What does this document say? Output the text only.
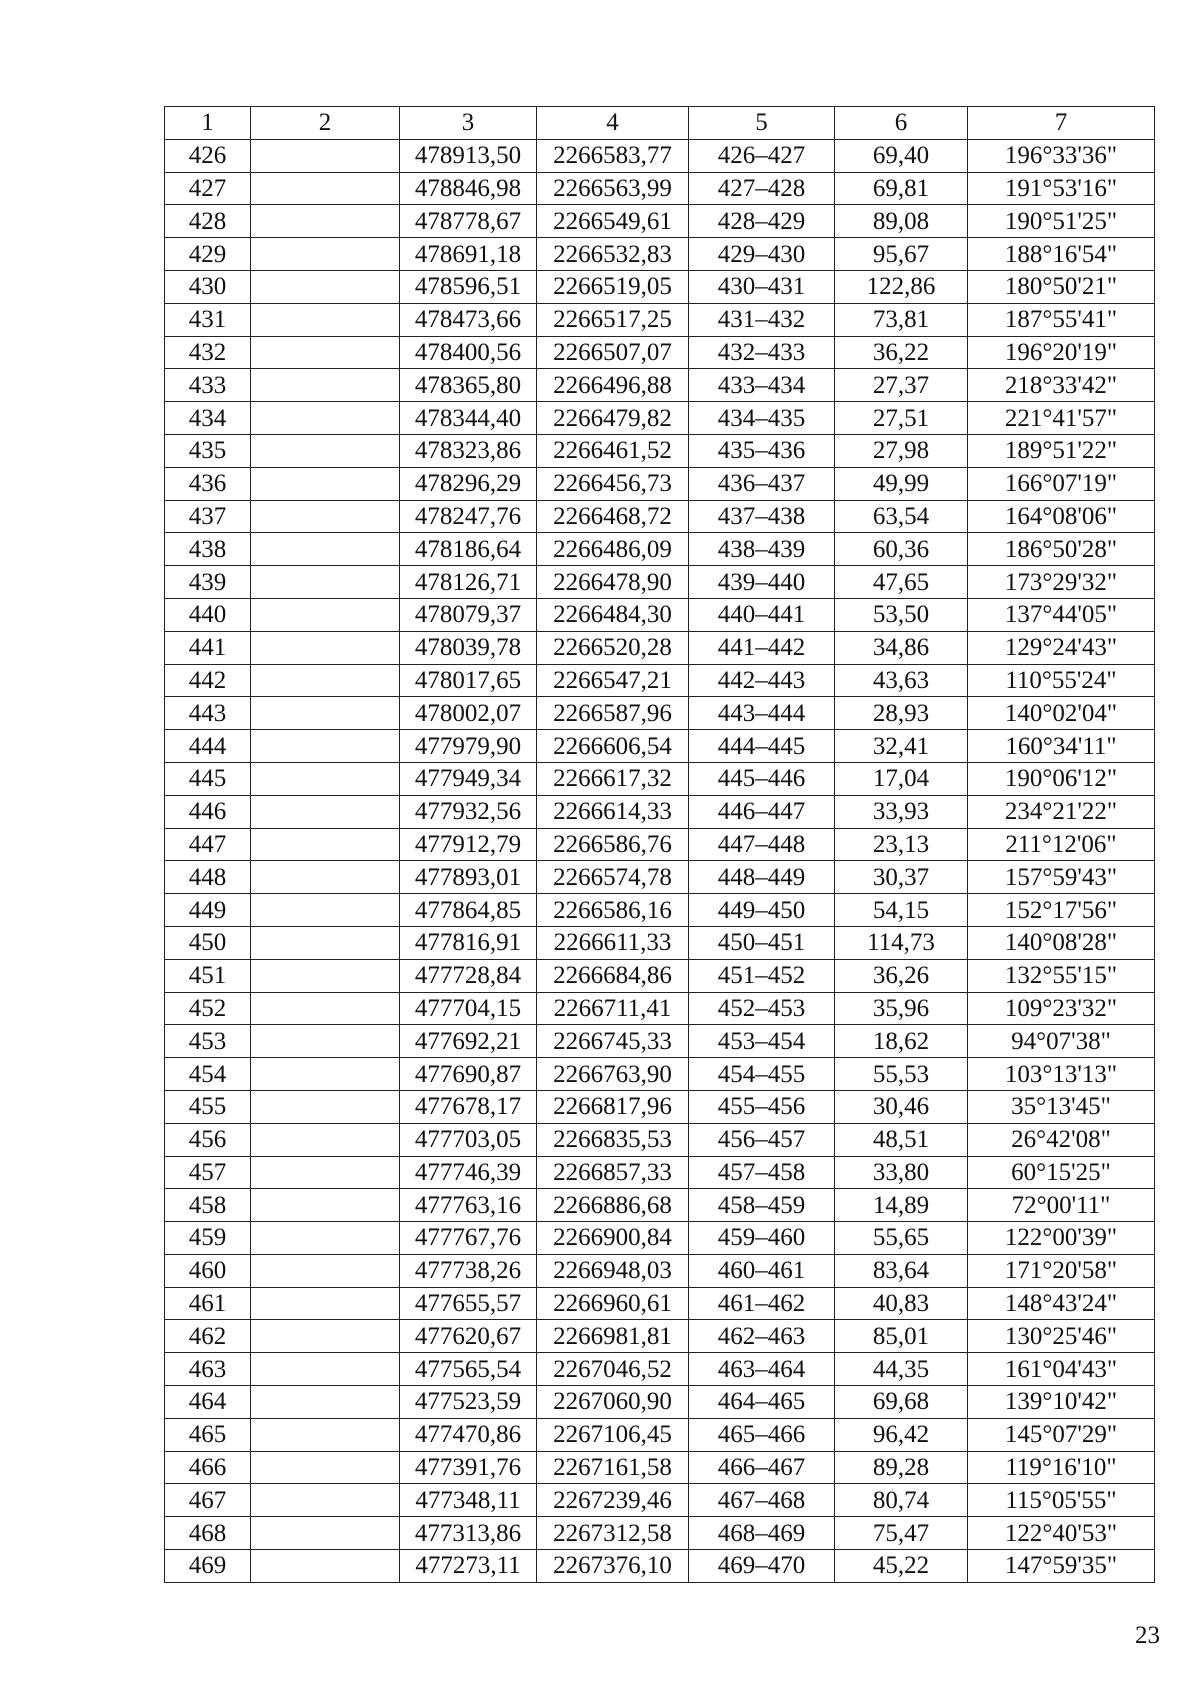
1	2	3	4	5	6	7
426		478913,50	2266583,77	426–427	69,40	196°33'36"
427		478846,98	2266563,99	427–428	69,81	191°53'16"
428		478778,67	2266549,61	428–429	89,08	190°51'25"
429		478691,18	2266532,83	429–430	95,67	188°16'54"
430		478596,51	2266519,05	430–431	122,86	180°50'21"
431		478473,66	2266517,25	431–432	73,81	187°55'41"
432		478400,56	2266507,07	432–433	36,22	196°20'19"
433		478365,80	2266496,88	433–434	27,37	218°33'42"
434		478344,40	2266479,82	434–435	27,51	221°41'57"
435		478323,86	2266461,52	435–436	27,98	189°51'22"
436		478296,29	2266456,73	436–437	49,99	166°07'19"
437		478247,76	2266468,72	437–438	63,54	164°08'06"
438		478186,64	2266486,09	438–439	60,36	186°50'28"
439		478126,71	2266478,90	439–440	47,65	173°29'32"
440		478079,37	2266484,30	440–441	53,50	137°44'05"
441		478039,78	2266520,28	441–442	34,86	129°24'43"
442		478017,65	2266547,21	442–443	43,63	110°55'24"
443		478002,07	2266587,96	443–444	28,93	140°02'04"
444		477979,90	2266606,54	444–445	32,41	160°34'11"
445		477949,34	2266617,32	445–446	17,04	190°06'12"
446		477932,56	2266614,33	446–447	33,93	234°21'22"
447		477912,79	2266586,76	447–448	23,13	211°12'06"
448		477893,01	2266574,78	448–449	30,37	157°59'43"
449		477864,85	2266586,16	449–450	54,15	152°17'56"
450		477816,91	2266611,33	450–451	114,73	140°08'28"
451		477728,84	2266684,86	451–452	36,26	132°55'15"
452		477704,15	2266711,41	452–453	35,96	109°23'32"
453		477692,21	2266745,33	453–454	18,62	94°07'38"
454		477690,87	2266763,90	454–455	55,53	103°13'13"
455		477678,17	2266817,96	455–456	30,46	35°13'45"
456		477703,05	2266835,53	456–457	48,51	26°42'08"
457		477746,39	2266857,33	457–458	33,80	60°15'25"
458		477763,16	2266886,68	458–459	14,89	72°00'11"
459		477767,76	2266900,84	459–460	55,65	122°00'39"
460		477738,26	2266948,03	460–461	83,64	171°20'58"
461		477655,57	2266960,61	461–462	40,83	148°43'24"
462		477620,67	2266981,81	462–463	85,01	130°25'46"
463		477565,54	2267046,52	463–464	44,35	161°04'43"
464		477523,59	2267060,90	464–465	69,68	139°10'42"
465		477470,86	2267106,45	465–466	96,42	145°07'29"
466		477391,76	2267161,58	466–467	89,28	119°16'10"
467		477348,11	2267239,46	467–468	80,74	115°05'55"
468		477313,86	2267312,58	468–469	75,47	122°40'53"
469		477273,11	2267376,10	469–470	45,22	147°59'35"
23
